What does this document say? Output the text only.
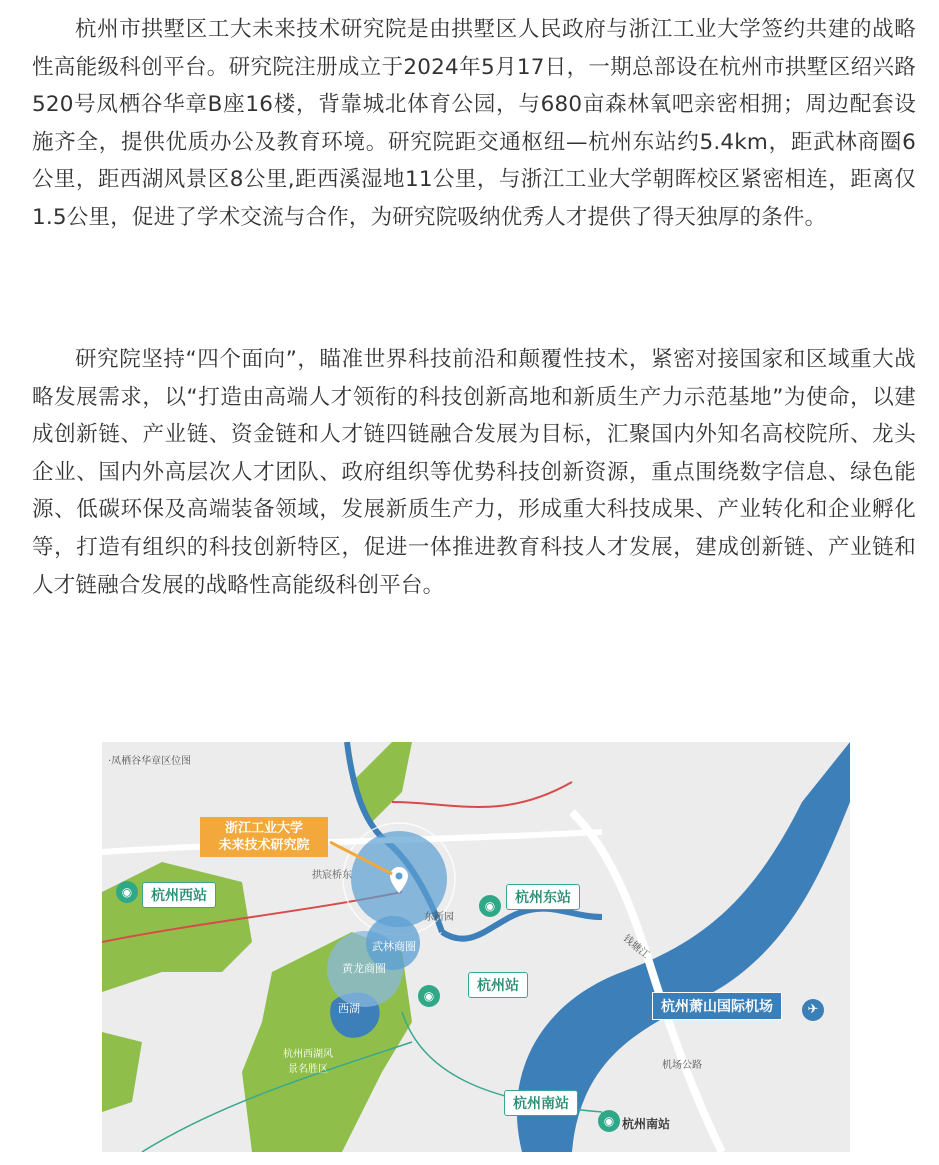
杭州市拱墅区工大未来技术研究院是由拱墅区人民政府与浙江工业大学签约共建的战略性高能级科创平台。研究院注册成立于2024年5月17日，一期总部设在杭州市拱墅区绍兴路520号凤栖谷华章B座16楼，背靠城北体育公园，与680亩森林氧吧亲密相拥；周边配套设施齐全，提供优质办公及教育环境。研究院距交通枢纽—杭州东站约5.4km，距武林商圈6公里，距西湖风景区8公里,距西溪湿地11公里，与浙江工业大学朝晖校区紧密相连，距离仅1.5公里，促进了学术交流与合作，为研究院吸纳优秀人才提供了得天独厚的条件。

研究院坚持“四个面向”，瞄准世界科技前沿和颠覆性技术，紧密对接国家和区域重大战略发展需求，以“打造由高端人才领衔的科技创新高地和新质生产力示范基地”为使命，以建成创新链、产业链、资金链和人才链四链融合发展为目标，汇聚国内外知名高校院所、龙头企业、国内外高层次人才团队、政府组织等优势科技创新资源，重点围绕数字信息、绿色能源、低碳环保及高端装备领域，发展新质生产力，形成重大科技成果、产业转化和企业孵化等，打造有组织的科技创新特区，促进一体推进教育科技人才发展，建成创新链、产业链和人才链融合发展的战略性高能级科创平台。

·凤栖谷华章区位图
浙江工业大学
未来技术研究院
◉	杭州西站
◉	杭州东站
◉
杭州站
杭州南站
◉ 杭州南站
杭州萧山国际机场	✈
黄龙商圈
武林商圈
西湖
杭州西湖风景名胜区
钱塘江
拱宸桥东
东新园
机场公路
